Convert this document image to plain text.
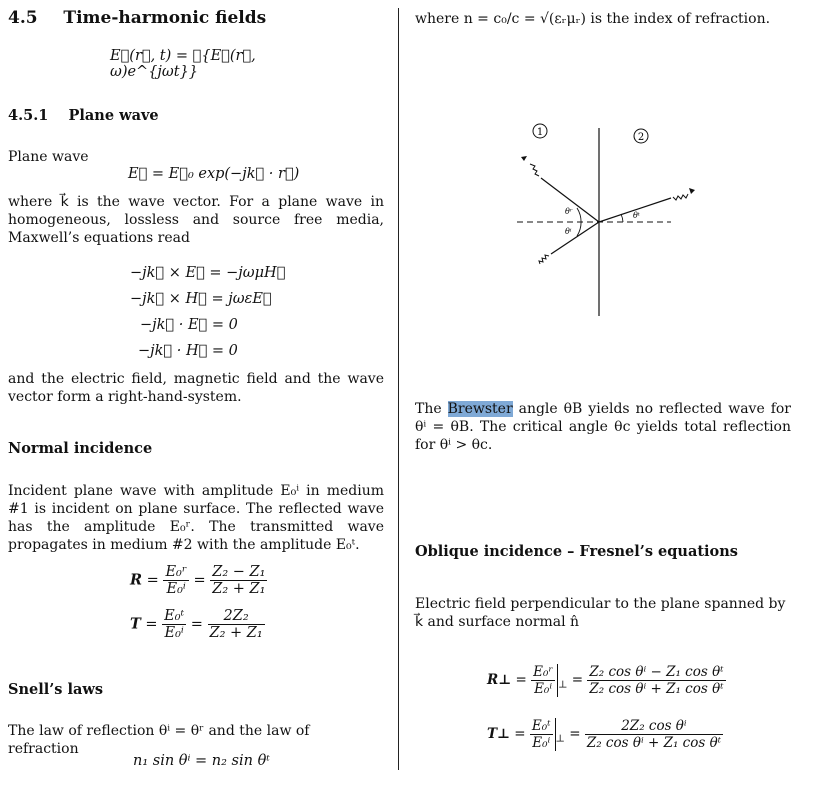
4.5 Time-harmonic fields
E⃗(r⃗, t) = ℜ{E⃗(r⃗, ω)e^{jωt}}
4.5.1 Plane wave
Plane wave
E⃗ = E⃗₀ exp(−jk⃗ · r⃗)
where k⃗ is the wave vector. For a plane wave in homogeneous, lossless and source free media, Maxwell’s equations read
−jk⃗ × E⃗ = −jωμH⃗
−jk⃗ × H⃗ = jωεE⃗
−jk⃗ · E⃗ = 0
−jk⃗ · H⃗ = 0
and the electric field, magnetic field and the wave vector form a right-hand-system.
Normal incidence
Incident plane wave with amplitude E₀ⁱ in medium #1 is incident on plane surface. The reflected wave has the amplitude E₀ʳ. The transmitted wave propagates in medium #2 with the amplitude E₀ᵗ.
$R = \frac{\text{E₀ʳ}}{\text{E₀ⁱ}} = \frac{\text{Z₂ − Z₁}}{\text{Z₂ + Z₁}}$
$T = \frac{\text{E₀ᵗ}}{\text{E₀ⁱ}} = \frac{\text{2Z₂}}{\text{Z₂ + Z₁}}$
Snell’s laws
The law of reflection θⁱ = θʳ and the law of refraction
n₁ sin θⁱ = n₂ sin θᵗ
where n = c₀/c = √(εᵣμᵣ) is the index of refraction.
1	2
θʳ
θⁱ
θᵗ
The Brewster angle θB yields no reflected wave for θⁱ = θB. The critical angle θc yields total reflection for θⁱ > θc.
Oblique incidence – Fresnel’s equations
Electric field perpendicular to the plane spanned by k⃗ and surface normal n̂
R⊥ = $\frac{\text{E₀ʳ}}{\text{E₀ⁱ}} _\perp = \frac{\text{Z₂ cos θⁱ − Z₁ cos θᵗ}}{\text{Z₂ cos θⁱ + Z₁ cos θᵗ}}$
T⊥ = $\frac{\text{E₀ᵗ}}{\text{E₀ⁱ}} _\perp = \frac{\text{2Z₂ cos θⁱ}}{\text{Z₂ cos θⁱ + Z₁ cos θᵗ}}$
